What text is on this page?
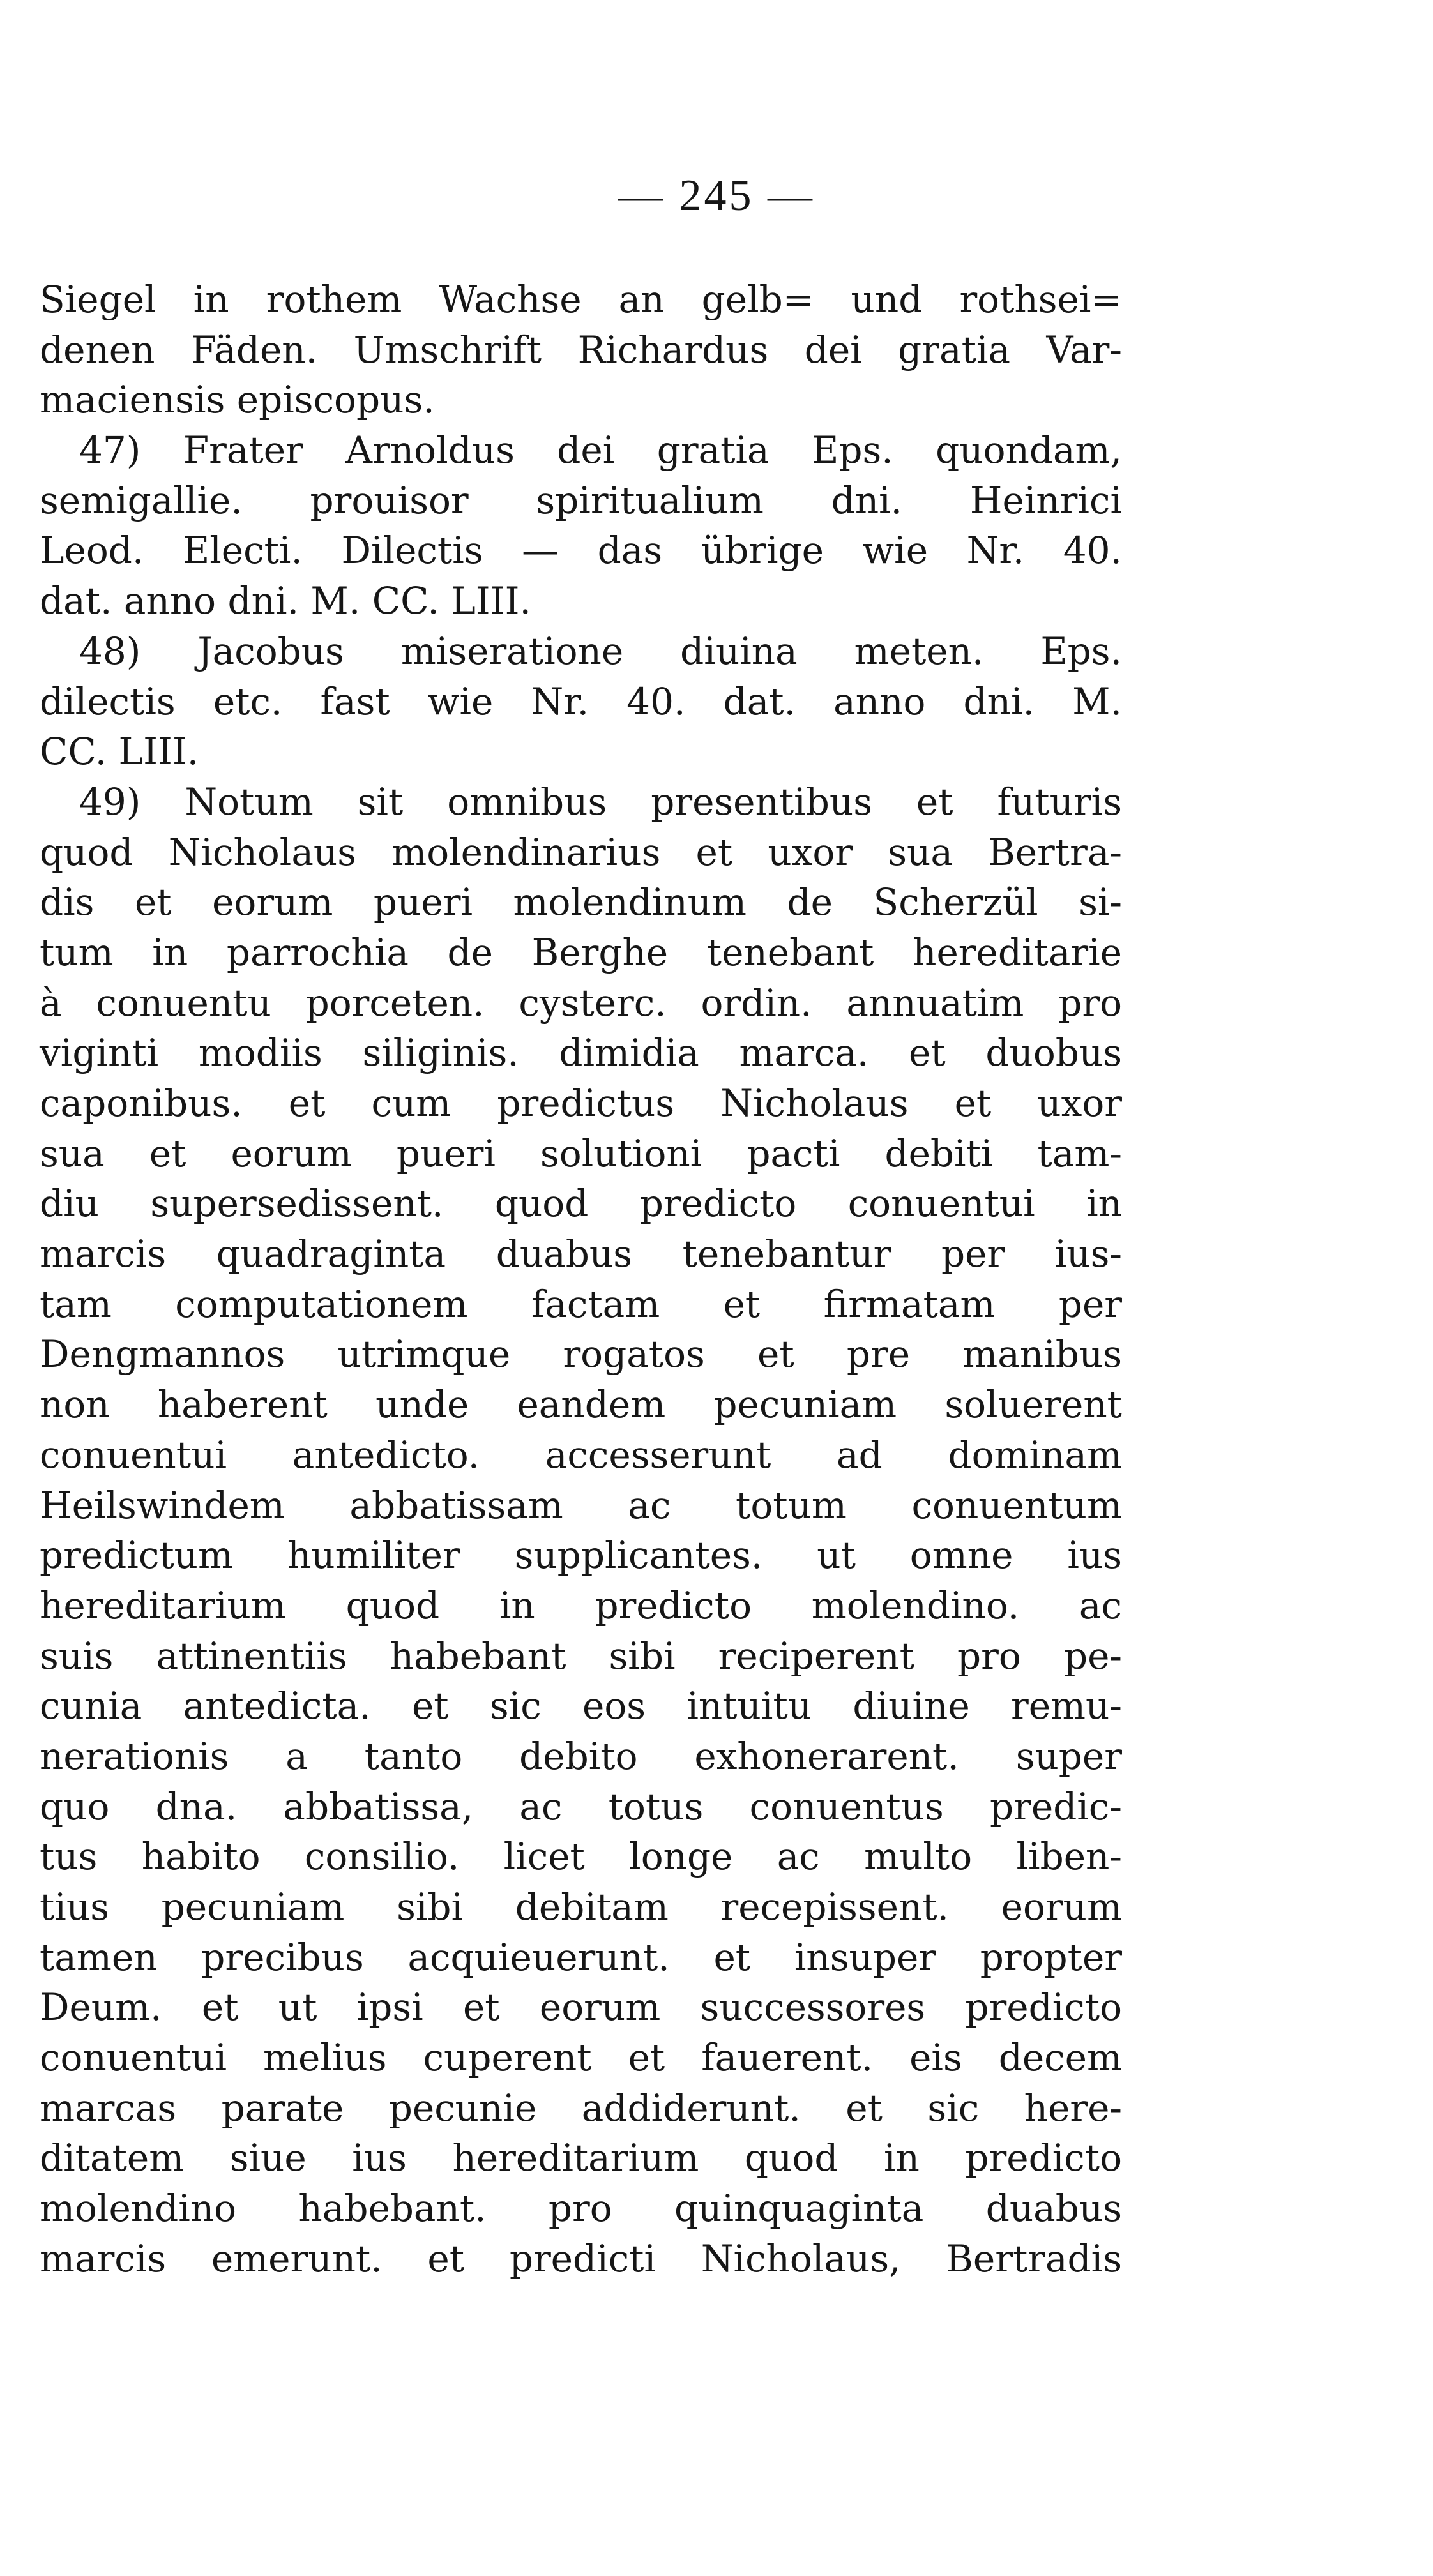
— 245 —
Siegel in rothem Wachse an gelb= und rothsei=
denen Fäden. Umschrift Richardus dei gratia Var-
maciensis episcopus.
47) Frater Arnoldus dei gratia Eps. quondam,
semigallie. prouisor spiritualium dni. Heinrici
Leod. Electi. Dilectis — das übrige wie Nr. 40.
dat. anno dni. M. CC. LIII.
48) Jacobus miseratione diuina meten. Eps.
dilectis etc. fast wie Nr. 40. dat. anno dni. M.
CC. LIII.
49) Notum sit omnibus presentibus et futuris
quod Nicholaus molendinarius et uxor sua Bertra-
dis et eorum pueri molendinum de Scherzül si-
tum in parrochia de Berghe tenebant hereditarie
à conuentu porceten. cysterc. ordin. annuatim pro
viginti modiis siliginis. dimidia marca. et duobus
caponibus. et cum predictus Nicholaus et uxor
sua et eorum pueri solutioni pacti debiti tam-
diu supersedissent. quod predicto conuentui in
marcis quadraginta duabus tenebantur per ius-
tam computationem factam et firmatam per
Dengmannos utrimque rogatos et pre manibus
non haberent unde eandem pecuniam soluerent
conuentui antedicto. accesserunt ad dominam
Heilswindem abbatissam ac totum conuentum
predictum humiliter supplicantes. ut omne ius
hereditarium quod in predicto molendino. ac
suis attinentiis habebant sibi reciperent pro pe-
cunia antedicta. et sic eos intuitu diuine remu-
nerationis a tanto debito exhonerarent. super
quo dna. abbatissa, ac totus conuentus predic-
tus habito consilio. licet longe ac multo liben-
tius pecuniam sibi debitam recepissent. eorum
tamen precibus acquieuerunt. et insuper propter
Deum. et ut ipsi et eorum successores predicto
conuentui melius cuperent et fauerent. eis decem
marcas parate pecunie addiderunt. et sic here-
ditatem siue ius hereditarium quod in predicto
molendino habebant. pro quinquaginta duabus
marcis emerunt. et predicti Nicholaus, Bertradis
